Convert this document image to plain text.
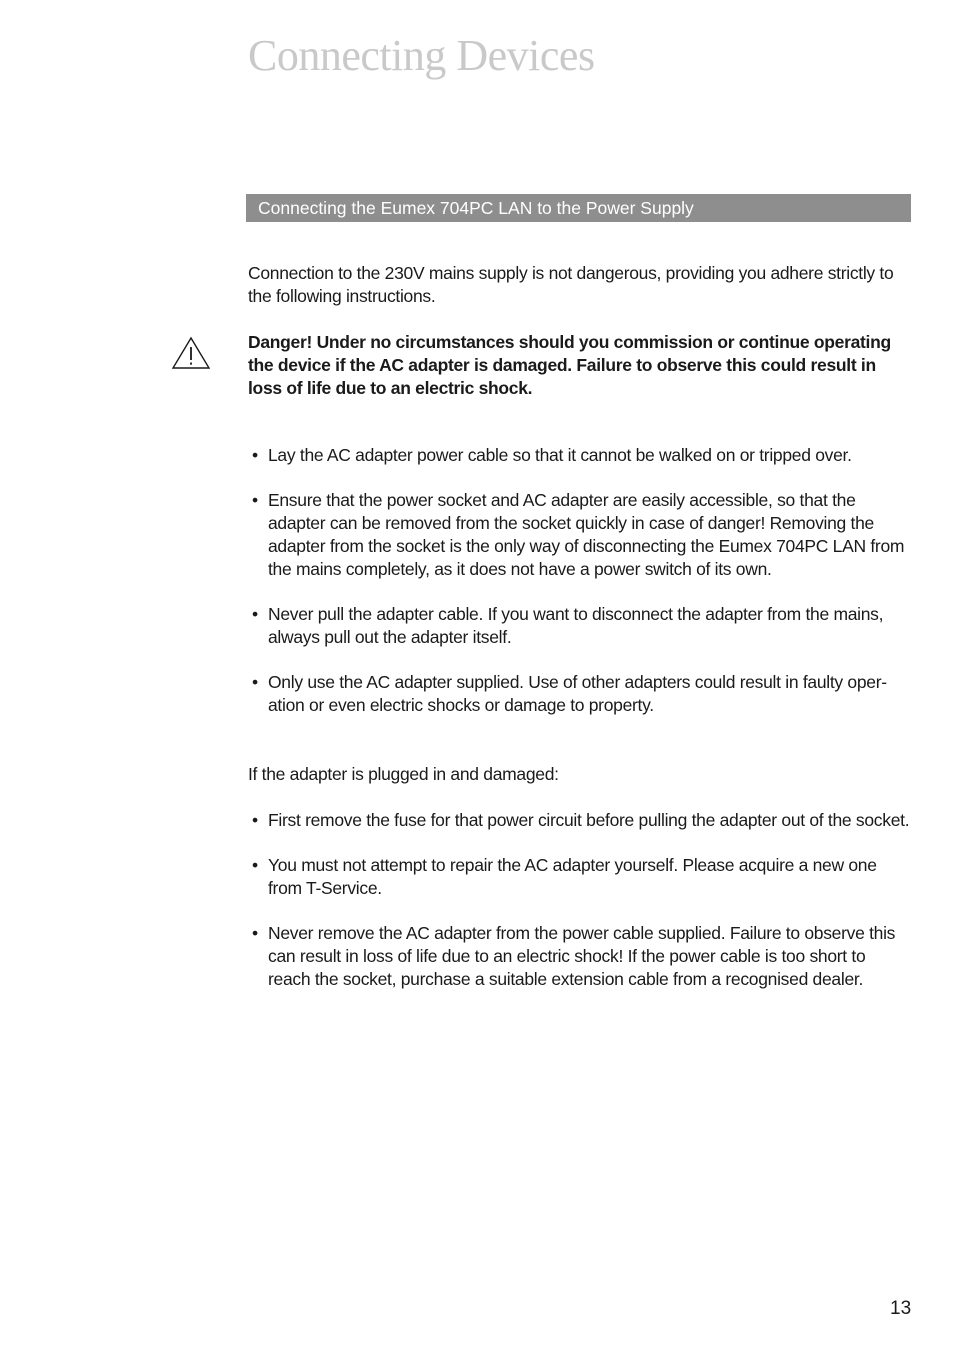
Connecting Devices
Connecting the Eumex 704PC LAN to the Power Supply

Connection to the 230V mains supply is not dangerous, providing you adhere strictly to the following instructions.

Danger! Under no circumstances should you commission or continue operating the device if the AC adapter is damaged. Failure to observe this could result in loss of life due to an electric shock.

• Lay the AC adapter power cable so that it cannot be walked on or tripped over.
• Ensure that the power socket and AC adapter are easily accessible, so that the adapter can be removed from the socket quickly in case of danger! Removing the adapter from the socket is the only way of disconnecting the Eumex 704PC LAN from the mains completely, as it does not have a power switch of its own.
• Never pull the adapter cable. If you want to disconnect the adapter from the mains, always pull out the adapter itself.
• Only use the AC adapter supplied. Use of other adapters could result in faulty oper-ation or even electric shocks or damage to property.

If the adapter is plugged in and damaged:

• First remove the fuse for that power circuit before pulling the adapter out of the socket.
• You must not attempt to repair the AC adapter yourself. Please acquire a new one from T-Service.
• Never remove the AC adapter from the power cable supplied. Failure to observe this can result in loss of life due to an electric shock! If the power cable is too short to reach the socket, purchase a suitable extension cable from a recognised dealer.
13
